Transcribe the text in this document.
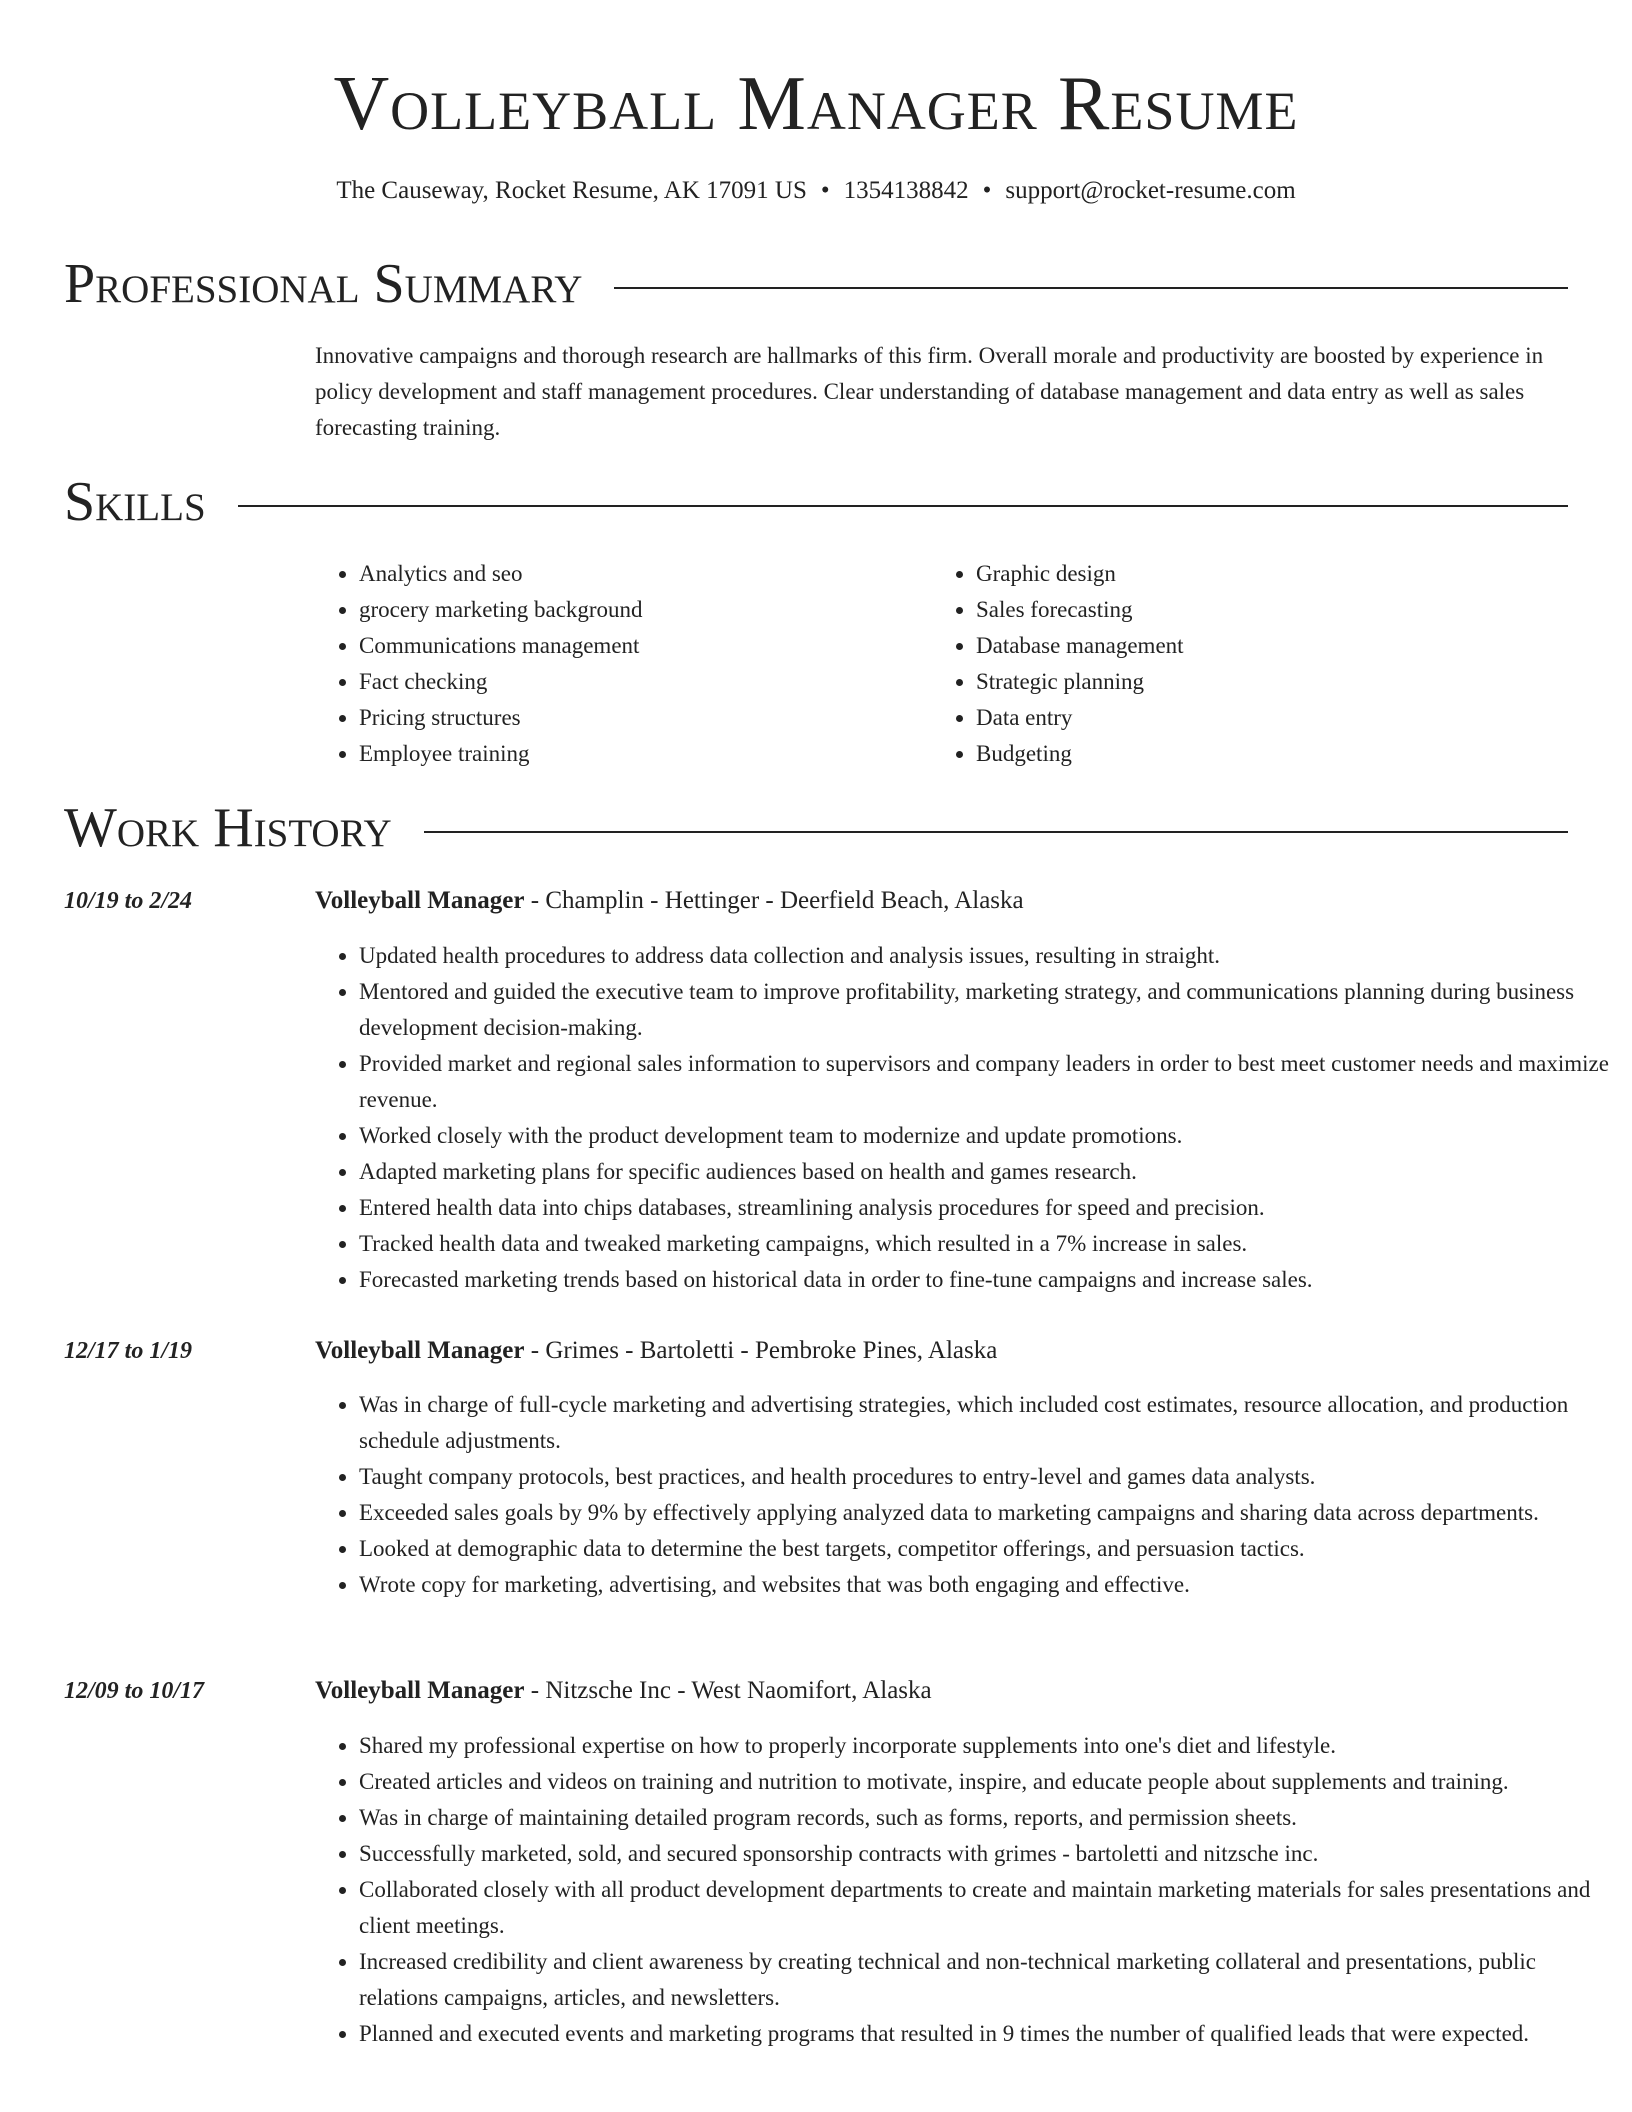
Volleyball Manager Resume
The Causeway, Rocket Resume, AK 17091 US • 1354138842 • support@rocket-resume.com
Professional Summary

Innovative campaigns and thorough research are hallmarks of this firm. Overall morale and productivity are boosted by experience in policy development and staff management procedures. Clear understanding of database management and data entry as well as sales forecasting training.

Skills
• Analytics and seo
• grocery marketing background
• Communications management
• Fact checking
• Pricing structures
• Employee training
• Graphic design
• Sales forecasting
• Database management
• Strategic planning
• Data entry
• Budgeting
Work History
10/19 to 2/24	Volleyball Manager - Champlin - Hettinger - Deerfield Beach, Alaska
• Updated health procedures to address data collection and analysis issues, resulting in straight.
• Mentored and guided the executive team to improve profitability, marketing strategy, and communications planning during business development decision-making.
• Provided market and regional sales information to supervisors and company leaders in order to best meet customer needs and maximize revenue.
• Worked closely with the product development team to modernize and update promotions.
• Adapted marketing plans for specific audiences based on health and games research.
• Entered health data into chips databases, streamlining analysis procedures for speed and precision.
• Tracked health data and tweaked marketing campaigns, which resulted in a 7% increase in sales.
• Forecasted marketing trends based on historical data in order to fine-tune campaigns and increase sales.
12/17 to 1/19	Volleyball Manager - Grimes - Bartoletti - Pembroke Pines, Alaska
• Was in charge of full-cycle marketing and advertising strategies, which included cost estimates, resource allocation, and production schedule adjustments.
• Taught company protocols, best practices, and health procedures to entry-level and games data analysts.
• Exceeded sales goals by 9% by effectively applying analyzed data to marketing campaigns and sharing data across departments.
• Looked at demographic data to determine the best targets, competitor offerings, and persuasion tactics.
• Wrote copy for marketing, advertising, and websites that was both engaging and effective.
12/09 to 10/17	Volleyball Manager - Nitzsche Inc - West Naomifort, Alaska
• Shared my professional expertise on how to properly incorporate supplements into one's diet and lifestyle.
• Created articles and videos on training and nutrition to motivate, inspire, and educate people about supplements and training.
• Was in charge of maintaining detailed program records, such as forms, reports, and permission sheets.
• Successfully marketed, sold, and secured sponsorship contracts with grimes - bartoletti and nitzsche inc.
• Collaborated closely with all product development departments to create and maintain marketing materials for sales presentations and client meetings.
• Increased credibility and client awareness by creating technical and non-technical marketing collateral and presentations, public relations campaigns, articles, and newsletters.
• Planned and executed events and marketing programs that resulted in 9 times the number of qualified leads that were expected.
